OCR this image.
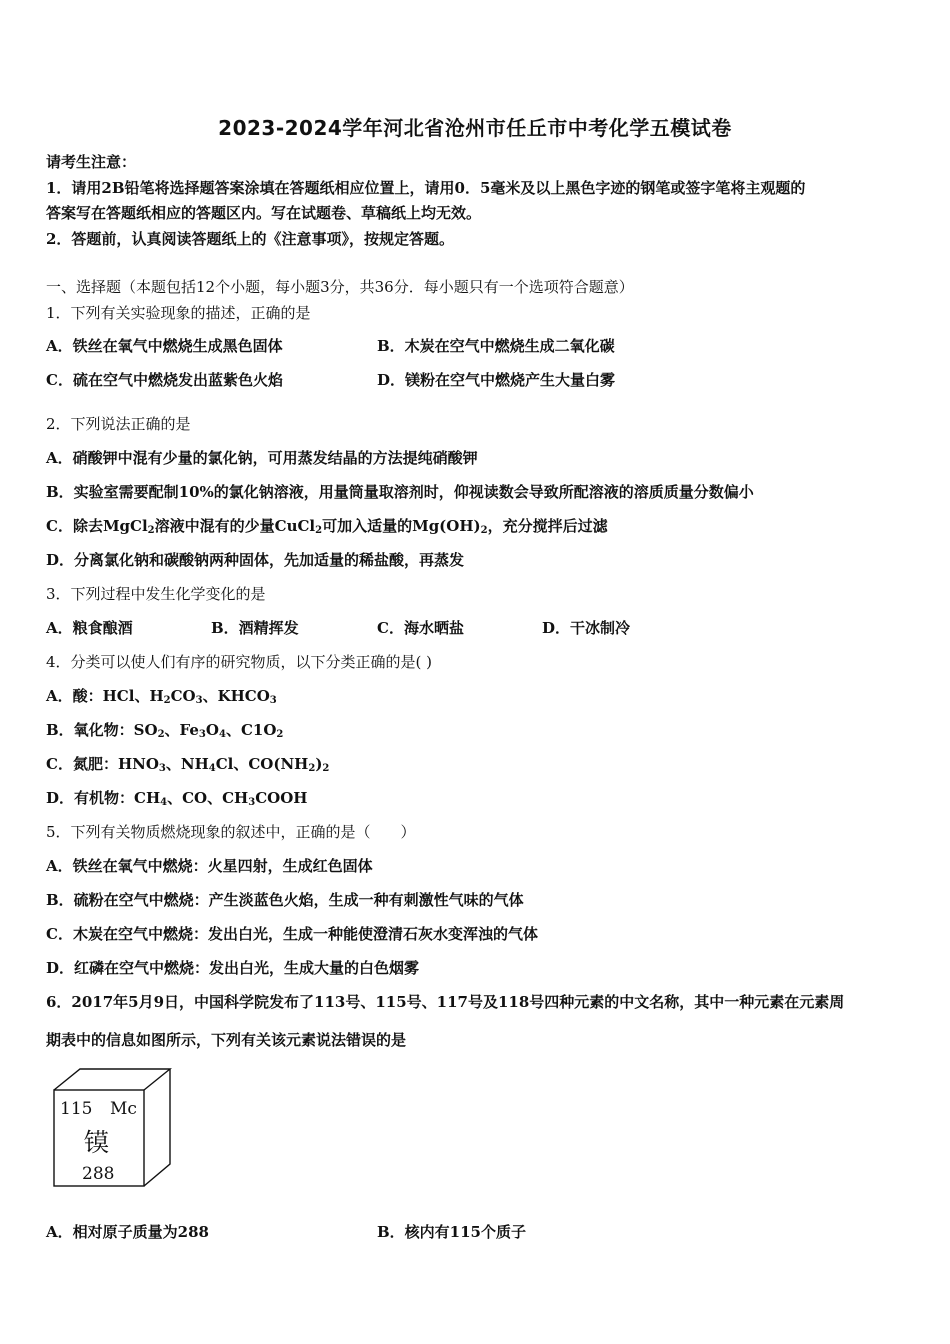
2023-2024学年河北省沧州市任丘市中考化学五模试卷
请考生注意：
1．请用2B铅笔将选择题答案涂填在答题纸相应位置上，请用0．5毫米及以上黑色字迹的钢笔或签字笔将主观题的
答案写在答题纸相应的答题区内。写在试题卷、草稿纸上均无效。
2．答题前，认真阅读答题纸上的《注意事项》，按规定答题。
一、选择题（本题包括12个小题，每小题3分，共36分．每小题只有一个选项符合题意）
1．下列有关实验现象的描述，正确的是
A．铁丝在氧气中燃烧生成黑色固体	B．木炭在空气中燃烧生成二氧化碳
C．硫在空气中燃烧发出蓝紫色火焰	D．镁粉在空气中燃烧产生大量白雾
2．下列说法正确的是
A．硝酸钾中混有少量的氯化钠，可用蒸发结晶的方法提纯硝酸钾
B．实验室需要配制10%的氯化钠溶液，用量筒量取溶剂时，仰视读数会导致所配溶液的溶质质量分数偏小
C．除去MgCl$_2$溶液中混有的少量CuCl$_2$可加入适量的$Mg(OH)_2$，充分搅拌后过滤
D．分离氯化钠和碳酸钠两种固体，先加适量的稀盐酸，再蒸发
3．下列过程中发生化学变化的是
A．粮食酿酒	B．酒精挥发	C．海水晒盐	D．干冰制冷
4．分类可以使人们有序的研究物质，以下分类正确的是( )
A．酸：HCl、$H_2CO_3$、$KHCO_3$
B．氧化物：$SO_2$、$Fe_3O_4$、$C1O_2$
C．氮肥：$HNO_3$、$NH_4Cl$、$CO(NH_2)_2$
D．有机物：$CH_4$、CO、$CH_3COOH$
5．下列有关物质燃烧现象的叙述中，正确的是（　　）
A．铁丝在氧气中燃烧：火星四射，生成红色固体
B．硫粉在空气中燃烧：产生淡蓝色火焰，生成一种有刺激性气味的气体
C．木炭在空气中燃烧：发出白光，生成一种能使澄清石灰水变浑浊的气体
D．红磷在空气中燃烧：发出白光，生成大量的白色烟雾
6．2017年5月9日，中国科学院发布了113号、115号、117号及118号四种元素的中文名称，其中一种元素在元素周
期表中的信息如图所示，下列有关该元素说法错误的是
115 Mc
镆
288
A．相对原子质量为288	B．核内有115个质子
